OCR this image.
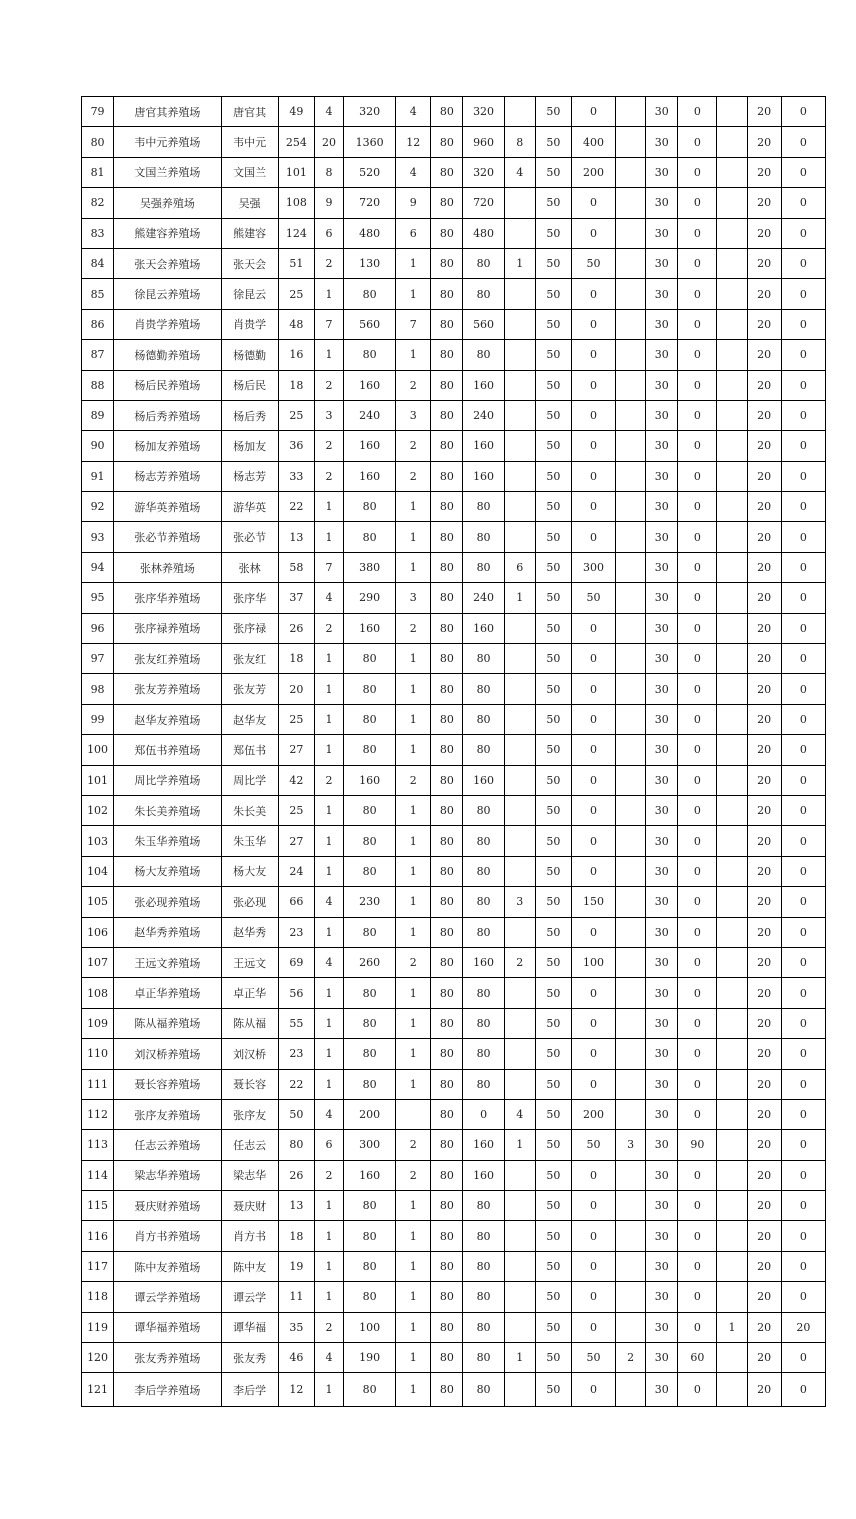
79	唐官其养殖场	唐官其	49	4	320	4	80	320		50	0		30	0		20	0
80	韦中元养殖场	韦中元	254	20	1360	12	80	960	8	50	400		30	0		20	0
81	文国兰养殖场	文国兰	101	8	520	4	80	320	4	50	200		30	0		20	0
82	吴强养殖场	吴强	108	9	720	9	80	720		50	0		30	0		20	0
83	熊建容养殖场	熊建容	124	6	480	6	80	480		50	0		30	0		20	0
84	张天会养殖场	张天会	51	2	130	1	80	80	1	50	50		30	0		20	0
85	徐昆云养殖场	徐昆云	25	1	80	1	80	80		50	0		30	0		20	0
86	肖贵学养殖场	肖贵学	48	7	560	7	80	560		50	0		30	0		20	0
87	杨德勤养殖场	杨德勤	16	1	80	1	80	80		50	0		30	0		20	0
88	杨后民养殖场	杨后民	18	2	160	2	80	160		50	0		30	0		20	0
89	杨后秀养殖场	杨后秀	25	3	240	3	80	240		50	0		30	0		20	0
90	杨加友养殖场	杨加友	36	2	160	2	80	160		50	0		30	0		20	0
91	杨志芳养殖场	杨志芳	33	2	160	2	80	160		50	0		30	0		20	0
92	游华英养殖场	游华英	22	1	80	1	80	80		50	0		30	0		20	0
93	张必节养殖场	张必节	13	1	80	1	80	80		50	0		30	0		20	0
94	张林养殖场	张林	58	7	380	1	80	80	6	50	300		30	0		20	0
95	张序华养殖场	张序华	37	4	290	3	80	240	1	50	50		30	0		20	0
96	张序禄养殖场	张序禄	26	2	160	2	80	160		50	0		30	0		20	0
97	张友红养殖场	张友红	18	1	80	1	80	80		50	0		30	0		20	0
98	张友芳养殖场	张友芳	20	1	80	1	80	80		50	0		30	0		20	0
99	赵华友养殖场	赵华友	25	1	80	1	80	80		50	0		30	0		20	0
100	郑伍书养殖场	郑伍书	27	1	80	1	80	80		50	0		30	0		20	0
101	周比学养殖场	周比学	42	2	160	2	80	160		50	0		30	0		20	0
102	朱长美养殖场	朱长美	25	1	80	1	80	80		50	0		30	0		20	0
103	朱玉华养殖场	朱玉华	27	1	80	1	80	80		50	0		30	0		20	0
104	杨大友养殖场	杨大友	24	1	80	1	80	80		50	0		30	0		20	0
105	张必现养殖场	张必现	66	4	230	1	80	80	3	50	150		30	0		20	0
106	赵华秀养殖场	赵华秀	23	1	80	1	80	80		50	0		30	0		20	0
107	王远文养殖场	王远文	69	4	260	2	80	160	2	50	100		30	0		20	0
108	卓正华养殖场	卓正华	56	1	80	1	80	80		50	0		30	0		20	0
109	陈从福养殖场	陈从福	55	1	80	1	80	80		50	0		30	0		20	0
110	刘汉桥养殖场	刘汉桥	23	1	80	1	80	80		50	0		30	0		20	0
111	聂长容养殖场	聂长容	22	1	80	1	80	80		50	0		30	0		20	0
112	张序友养殖场	张序友	50	4	200		80	0	4	50	200		30	0		20	0
113	任志云养殖场	任志云	80	6	300	2	80	160	1	50	50	3	30	90		20	0
114	梁志华养殖场	梁志华	26	2	160	2	80	160		50	0		30	0		20	0
115	聂庆财养殖场	聂庆财	13	1	80	1	80	80		50	0		30	0		20	0
116	肖方书养殖场	肖方书	18	1	80	1	80	80		50	0		30	0		20	0
117	陈中友养殖场	陈中友	19	1	80	1	80	80		50	0		30	0		20	0
118	谭云学养殖场	谭云学	11	1	80	1	80	80		50	0		30	0		20	0
119	谭华福养殖场	谭华福	35	2	100	1	80	80		50	0		30	0	1	20	20
120	张友秀养殖场	张友秀	46	4	190	1	80	80	1	50	50	2	30	60		20	0
121	李后学养殖场	李后学	12	1	80	1	80	80		50	0		30	0		20	0
